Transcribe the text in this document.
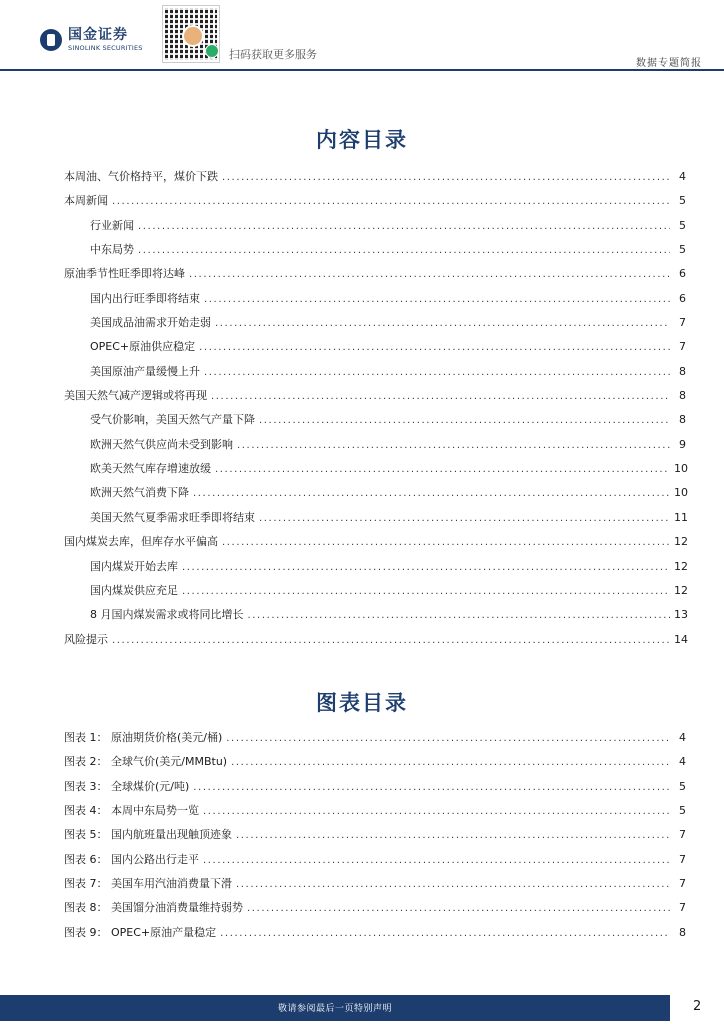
国金证券
SINOLINK SECURITIES	扫码获取更多服务
数据专题简报
内容目录
本周油、气价格持平，煤价下跌 .....	4
本周新闻 .....	5
行业新闻 .....	5
中东局势 .....	5
原油季节性旺季即将达峰 .....	6
国内出行旺季即将结束 .....	6
美国成品油需求开始走弱 .....	7
OPEC+原油供应稳定 .....	7
美国原油产量缓慢上升 .....	8
美国天然气减产逻辑或将再现 .....	8
受气价影响，美国天然气产量下降 .....	8
欧洲天然气供应尚未受到影响 .....	9
欧美天然气库存增速放缓 .....	10
欧洲天然气消费下降 .....	10
美国天然气夏季需求旺季即将结束 .....	11
国内煤炭去库，但库存水平偏高 .....	12
国内煤炭开始去库 .....	12
国内煤炭供应充足 .....	12
8 月国内煤炭需求或将同比增长 .....	13
风险提示 .....	14
图表目录
图表 1： 原油期货价格(美元/桶) .....	4
图表 2： 全球气价(美元/MMBtu) .....	4
图表 3： 全球煤价(元/吨) .....	5
图表 4： 本周中东局势一览 .....	5
图表 5： 国内航班量出现触顶迹象 .....	7
图表 6： 国内公路出行走平 .....	7
图表 7： 美国车用汽油消费量下滑 .....	7
图表 8： 美国馏分油消费量维持弱势 .....	7
图表 9： OPEC+原油产量稳定 .....	8
敬请参阅最后一页特别声明	2
